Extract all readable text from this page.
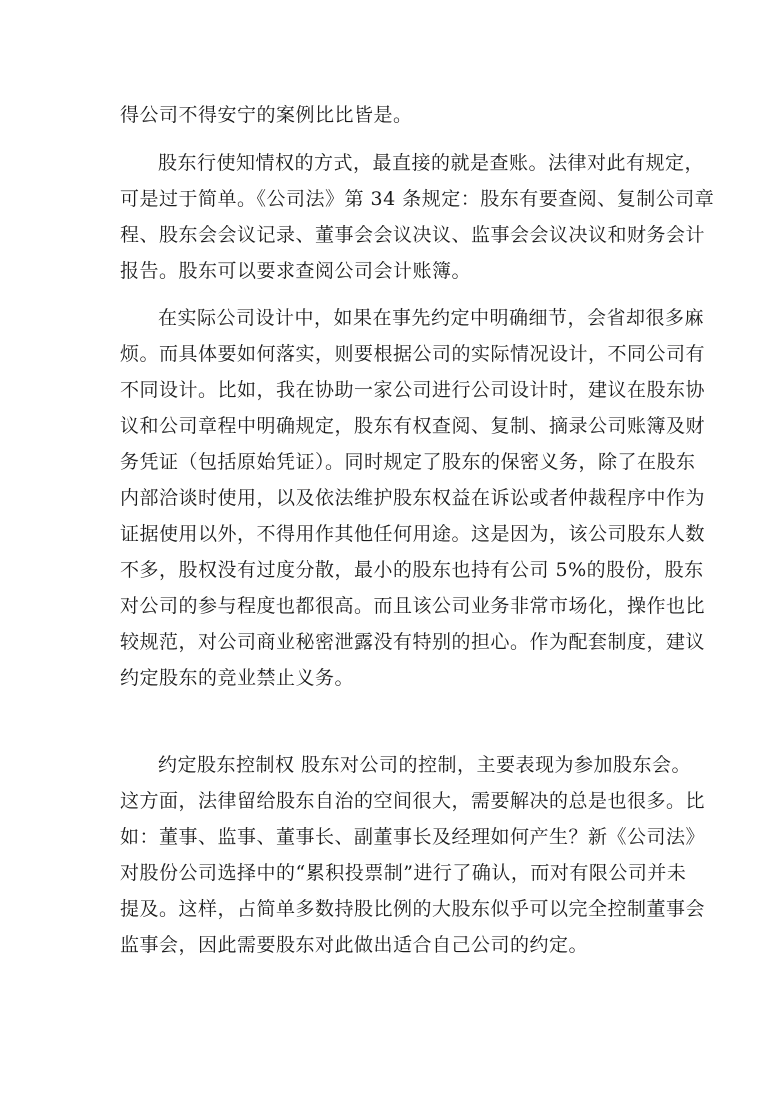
得公司不得安宁的案例比比皆是。
股东行使知情权的方式，最直接的就是查账。法律对此有规定，
可是过于简单。《公司法》第 34 条规定：股东有要查阅、复制公司章
程、股东会会议记录、董事会会议决议、监事会会议决议和财务会计
报告。股东可以要求查阅公司会计账簿。
在实际公司设计中，如果在事先约定中明确细节，会省却很多麻
烦。而具体要如何落实，则要根据公司的实际情况设计，不同公司有
不同设计。比如，我在协助一家公司进行公司设计时，建议在股东协
议和公司章程中明确规定，股东有权查阅、复制、摘录公司账簿及财
务凭证（包括原始凭证）。同时规定了股东的保密义务，除了在股东
内部洽谈时使用，以及依法维护股东权益在诉讼或者仲裁程序中作为
证据使用以外，不得用作其他任何用途。这是因为，该公司股东人数
不多，股权没有过度分散，最小的股东也持有公司 5%的股份，股东
对公司的参与程度也都很高。而且该公司业务非常市场化，操作也比
较规范，对公司商业秘密泄露没有特别的担心。作为配套制度，建议
约定股东的竞业禁止义务。
约定股东控制权 股东对公司的控制，主要表现为参加股东会。
这方面，法律留给股东自治的空间很大，需要解决的总是也很多。比
如：董事、监事、董事长、副董事长及经理如何产生？新《公司法》
对股份公司选择中的“累积投票制”进行了确认，而对有限公司并未
提及。这样，占简单多数持股比例的大股东似乎可以完全控制董事会
监事会，因此需要股东对此做出适合自己公司的约定。
